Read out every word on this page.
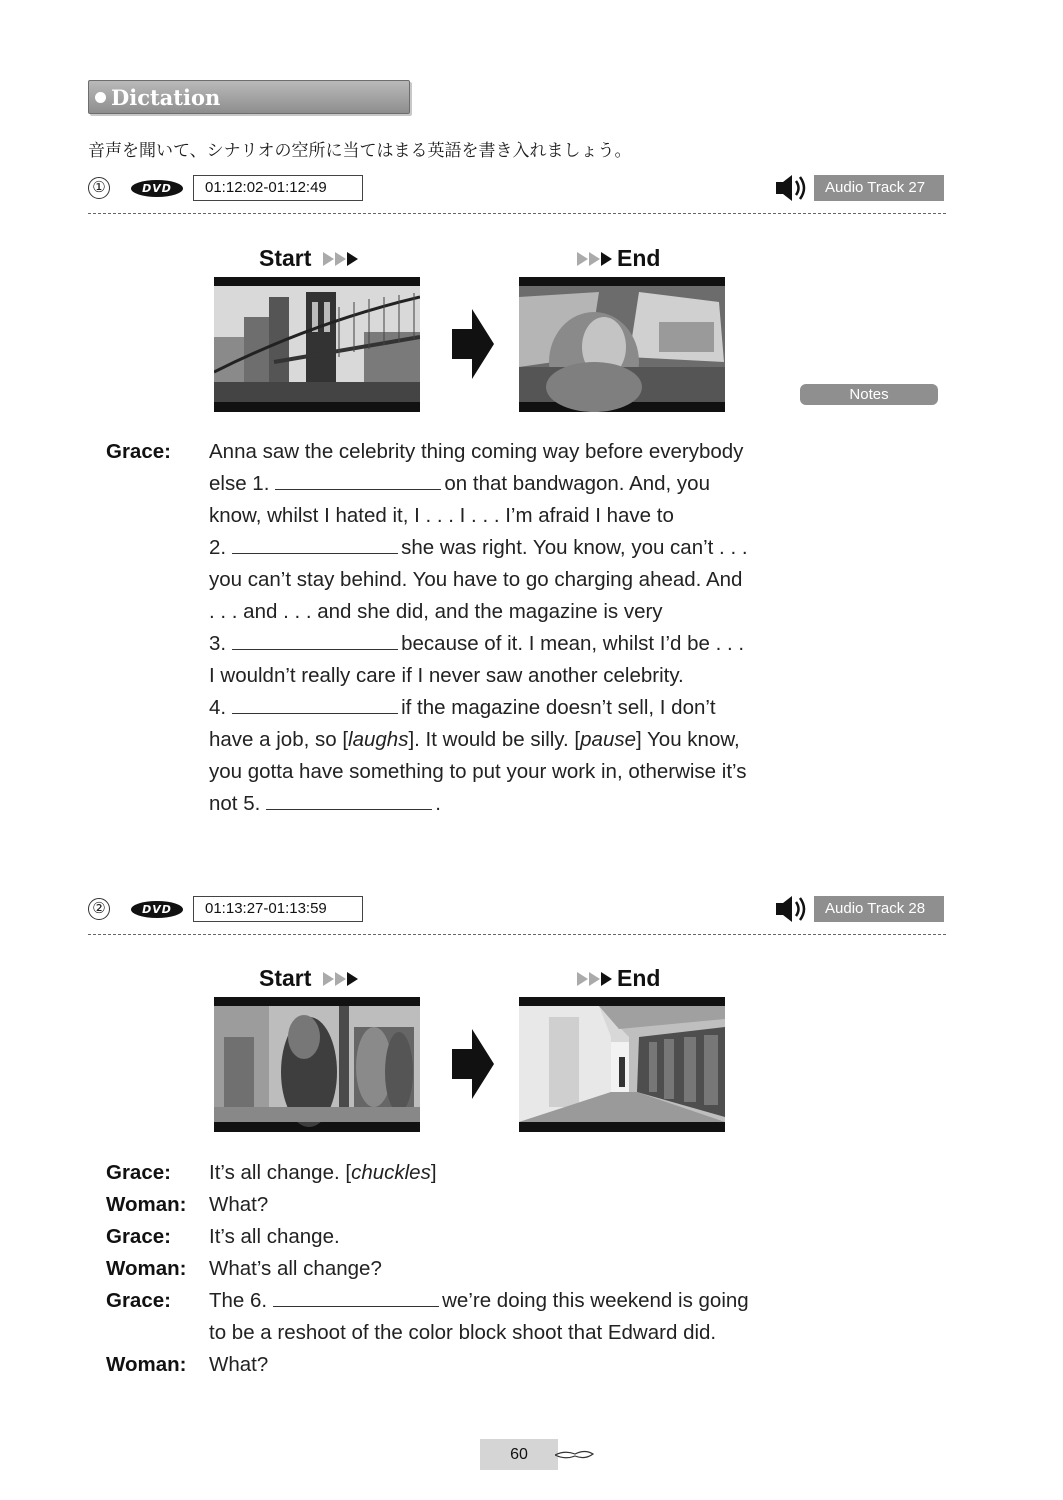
Dictation
音声を聞いて、シナリオの空所に当てはまる英語を書き入れましょう。
①	DVD	01:12:02-01:12:49	Audio Track 27
Start	End
Notes
Grace: Anna saw the celebrity thing coming way before everybody
else 1.	on that bandwagon. And, you
know, whilst I hated it, I . . . I . . . I’m afraid I have to
2.	she was right. You know, you can’t . . .
you can’t stay behind. You have to go charging ahead. And
. . . and . . . and she did, and the magazine is very
3.	because of it. I mean, whilst I’d be . . .
I wouldn’t really care if I never saw another celebrity.
4.	if the magazine doesn’t sell, I don’t
have a job, so [laughs]. It would be silly. [pause] You know,
you gotta have something to put your work in, otherwise it’s
not 5.	.
②	DVD	01:13:27-01:13:59	Audio Track 28
Start	End
Grace: It’s all change. [chuckles]
Woman: What?
Grace: It’s all change.
Woman: What’s all change?
Grace: The 6.	we’re doing this weekend is going
to be a reshoot of the color block shoot that Edward did.
Woman: What?
60
